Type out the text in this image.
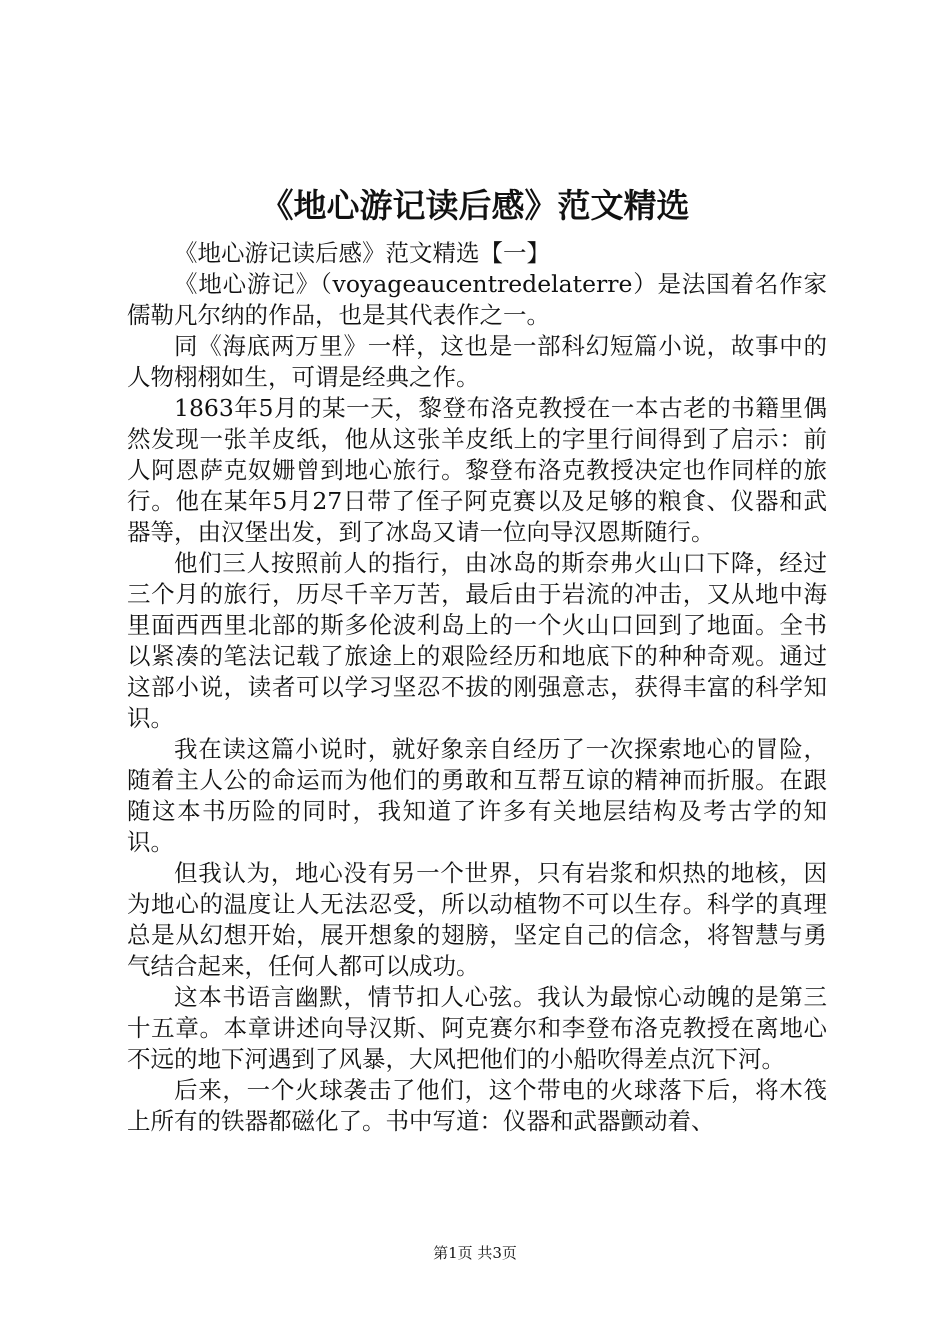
《地心游记读后感》范文精选

《地心游记读后感》范文精选【一】

《地心游记》（voyageaucentredelaterre）是法国着名作家儒勒凡尔纳的作品，也是其代表作之一。

同《海底两万里》一样，这也是一部科幻短篇小说，故事中的人物栩栩如生，可谓是经典之作。

1863年5月的某一天，黎登布洛克教授在一本古老的书籍里偶然发现一张羊皮纸，他从这张羊皮纸上的字里行间得到了启示：前人阿恩萨克奴姗曾到地心旅行。黎登布洛克教授决定也作同样的旅行。他在某年5月27日带了侄子阿克赛以及足够的粮食、仪器和武器等，由汉堡出发，到了冰岛又请一位向导汉恩斯随行。

他们三人按照前人的指行，由冰岛的斯奈弗火山口下降，经过三个月的旅行，历尽千辛万苦，最后由于岩流的冲击，又从地中海里面西西里北部的斯多伦波利岛上的一个火山口回到了地面。全书以紧凑的笔法记载了旅途上的艰险经历和地底下的种种奇观。通过这部小说，读者可以学习坚忍不拔的刚强意志，获得丰富的科学知识。

我在读这篇小说时，就好象亲自经历了一次探索地心的冒险，随着主人公的命运而为他们的勇敢和互帮互谅的精神而折服。在跟随这本书历险的同时，我知道了许多有关地层结构及考古学的知识。

但我认为，地心没有另一个世界，只有岩浆和炽热的地核，因为地心的温度让人无法忍受，所以动植物不可以生存。科学的真理总是从幻想开始，展开想象的翅膀，坚定自己的信念，将智慧与勇气结合起来，任何人都可以成功。

这本书语言幽默，情节扣人心弦。我认为最惊心动魄的是第三十五章。本章讲述向导汉斯、阿克赛尔和李登布洛克教授在离地心不远的地下河遇到了风暴，大风把他们的小船吹得差点沉下河。

后来，一个火球袭击了他们，这个带电的火球落下后，将木筏上所有的铁器都磁化了。书中写道：仪器和武器颤动着、

第1页 共3页
